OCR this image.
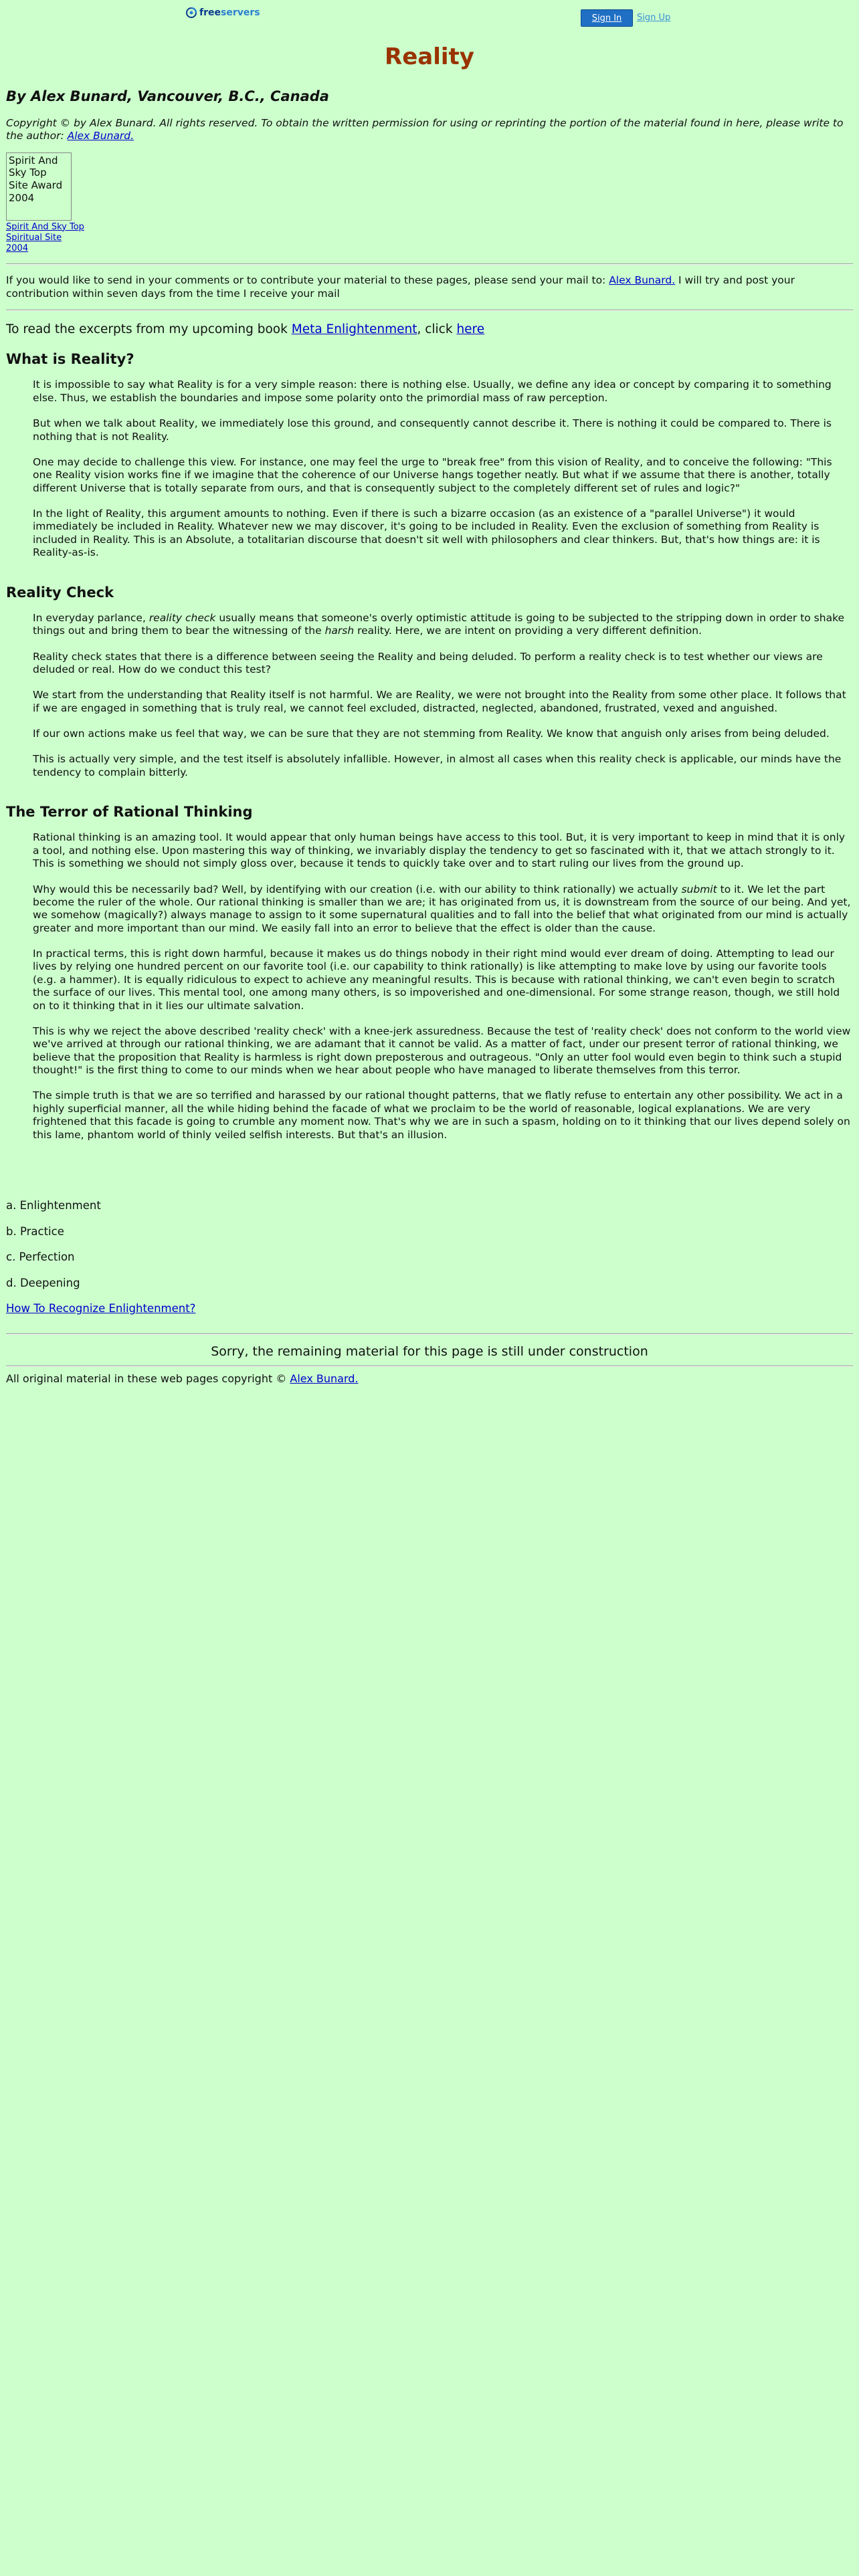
freeservers	Sign In	Sign Up
Reality

By Alex Bunard, Vancouver, B.C., Canada

Copyright © by Alex Bunard. All rights reserved. To obtain the written permission for using or reprinting the portion of the material found in here, please write to the author: Alex Bunard.

Spirit And Sky Top Site Award 2004
Spirit And Sky Top Spiritual Site 2004

If you would like to send in your comments or to contribute your material to these pages, please send your mail to: Alex Bunard. I will try and post your contribution within seven days from the time I receive your mail

To read the excerpts from my upcoming book Meta Enlightenment, click here

What is Reality?

It is impossible to say what Reality is for a very simple reason: there is nothing else. Usually, we define any idea or concept by comparing it to something else. Thus, we establish the boundaries and impose some polarity onto the primordial mass of raw perception.

But when we talk about Reality, we immediately lose this ground, and consequently cannot describe it. There is nothing it could be compared to. There is nothing that is not Reality.

One may decide to challenge this view. For instance, one may feel the urge to "break free" from this vision of Reality, and to conceive the following: "This one Reality vision works fine if we imagine that the coherence of our Universe hangs together neatly. But what if we assume that there is another, totally different Universe that is totally separate from ours, and that is consequently subject to the completely different set of rules and logic?"

In the light of Reality, this argument amounts to nothing. Even if there is such a bizarre occasion (as an existence of a "parallel Universe") it would immediately be included in Reality. Whatever new we may discover, it's going to be included in Reality. Even the exclusion of something from Reality is included in Reality. This is an Absolute, a totalitarian discourse that doesn't sit well with philosophers and clear thinkers. But, that's how things are: it is Reality-as-is.

Reality Check

In everyday parlance, reality check usually means that someone's overly optimistic attitude is going to be subjected to the stripping down in order to shake things out and bring them to bear the witnessing of the harsh reality. Here, we are intent on providing a very different definition.

Reality check states that there is a difference between seeing the Reality and being deluded. To perform a reality check is to test whether our views are deluded or real. How do we conduct this test?

We start from the understanding that Reality itself is not harmful. We are Reality, we were not brought into the Reality from some other place. It follows that if we are engaged in something that is truly real, we cannot feel excluded, distracted, neglected, abandoned, frustrated, vexed and anguished.

If our own actions make us feel that way, we can be sure that they are not stemming from Reality. We know that anguish only arises from being deluded.

This is actually very simple, and the test itself is absolutely infallible. However, in almost all cases when this reality check is applicable, our minds have the tendency to complain bitterly.

The Terror of Rational Thinking

Rational thinking is an amazing tool. It would appear that only human beings have access to this tool. But, it is very important to keep in mind that it is only a tool, and nothing else. Upon mastering this way of thinking, we invariably display the tendency to get so fascinated with it, that we attach strongly to it. This is something we should not simply gloss over, because it tends to quickly take over and to start ruling our lives from the ground up.

Why would this be necessarily bad? Well, by identifying with our creation (i.e. with our ability to think rationally) we actually submit to it. We let the part become the ruler of the whole. Our rational thinking is smaller than we are; it has originated from us, it is downstream from the source of our being. And yet, we somehow (magically?) always manage to assign to it some supernatural qualities and to fall into the belief that what originated from our mind is actually greater and more important than our mind. We easily fall into an error to believe that the effect is older than the cause.

In practical terms, this is right down harmful, because it makes us do things nobody in their right mind would ever dream of doing. Attempting to lead our lives by relying one hundred percent on our favorite tool (i.e. our capability to think rationally) is like attempting to make love by using our favorite tools (e.g. a hammer). It is equally ridiculous to expect to achieve any meaningful results. This is because with rational thinking, we can't even begin to scratch the surface of our lives. This mental tool, one among many others, is so impoverished and one-dimensional. For some strange reason, though, we still hold on to it thinking that in it lies our ultimate salvation.

This is why we reject the above described 'reality check' with a knee-jerk assuredness. Because the test of 'reality check' does not conform to the world view we've arrived at through our rational thinking, we are adamant that it cannot be valid. As a matter of fact, under our present terror of rational thinking, we believe that the proposition that Reality is harmless is right down preposterous and outrageous. "Only an utter fool would even begin to think such a stupid thought!" is the first thing to come to our minds when we hear about people who have managed to liberate themselves from this terror.

The simple truth is that we are so terrified and harassed by our rational thought patterns, that we flatly refuse to entertain any other possibility. We act in a highly superficial manner, all the while hiding behind the facade of what we proclaim to be the world of reasonable, logical explanations. We are very frightened that this facade is going to crumble any moment now. That's why we are in such a spasm, holding on to it thinking that our lives depend solely on this lame, phantom world of thinly veiled selfish interests. But that's an illusion.

a. Enlightenment

b. Practice

c. Perfection

d. Deepening

How To Recognize Enlightenment?

Sorry, the remaining material for this page is still under construction

All original material in these web pages copyright © Alex Bunard.
